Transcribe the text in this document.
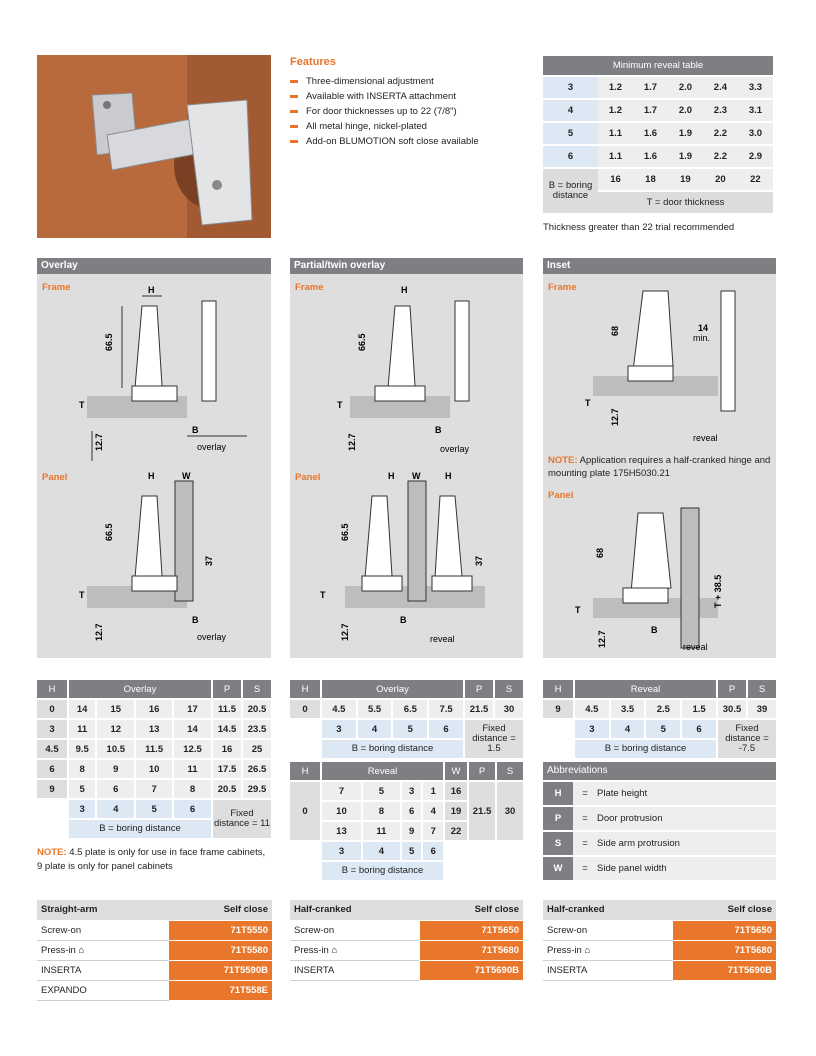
Features
Three-dimensional adjustment
Available with INSERTA attachment
For door thicknesses up to 22 (7/8")
All metal hinge, nickel-plated
Add-on BLUMOTION soft close available
Minimum reveal table					
3	1.2	1.7	2.0	2.4	3.3
4	1.2	1.7	2.0	2.3	3.1
5	1.1	1.6	1.9	2.2	3.0
6	1.1	1.6	1.9	2.2	2.9
B = boring distance	16	18	19	20	22
	T = door thickness				
Thickness greater than 22 trial recommended
Overlay
Frame	H
66.5
T
12.7
B
overlay
Panel	H	W
66.5
37
T
12.7
B
overlay
Partial/twin overlay
Frame	H
66.5
T
12.7
B
overlay
Panel	H W	H
66.5
37
T
12.7
B
reveal
Inset
Frame
68	14
min.
T
12.7
reveal
NOTE: Application requires a half-cranked hinge and mounting plate 175H5030.21
Panel
68
T + 38.5
T
12.7
B
reveal
H	Overlay				P	S
0	14	15	16	17	11.5	20.5
3	11	12	13	14	14.5	23.5
4.5	9.5	10.5	11.5	12.5	16	25
6	8	9	10	11	17.5	26.5
9	5	6	7	8	20.5	29.5
	3	4	5	6	Fixed distance = 11	
	B = boring distance					
NOTE: 4.5 plate is only for use in face frame cabinets, 9 plate is only for panel cabinets
H	Overlay				P	S
0	4.5	5.5	6.5	7.5	21.5	30
	3	4	5	6	Fixed distance = 1.5	
	B = boring distance					
H	Reveal				W	P	S
0	7	5	3	1	16	21.5	30
	10	8	6	4	19		
	13	11	9	7	22		
	3	4	5	6			
	B = boring distance						
H	Reveal				P	S
9	4.5	3.5	2.5	1.5	30.5	39
	3	4	5	6	Fixed distance = -7.5	
	B = boring distance					
Abbreviations
H	= Plate height
P	= Door protrusion
S	= Side arm protrusion
W	= Side panel width
Straight-arm	Self close
Screw-on	71T5550
Press-in ⌂	71T5580
INSERTA	71T5590B
EXPANDO	71T558E
Half-cranked	Self close
Screw-on	71T5650
Press-in ⌂	71T5680
INSERTA	71T5690B
Half-cranked	Self close
Screw-on	71T5650
Press-in ⌂	71T5680
INSERTA	71T5690B
